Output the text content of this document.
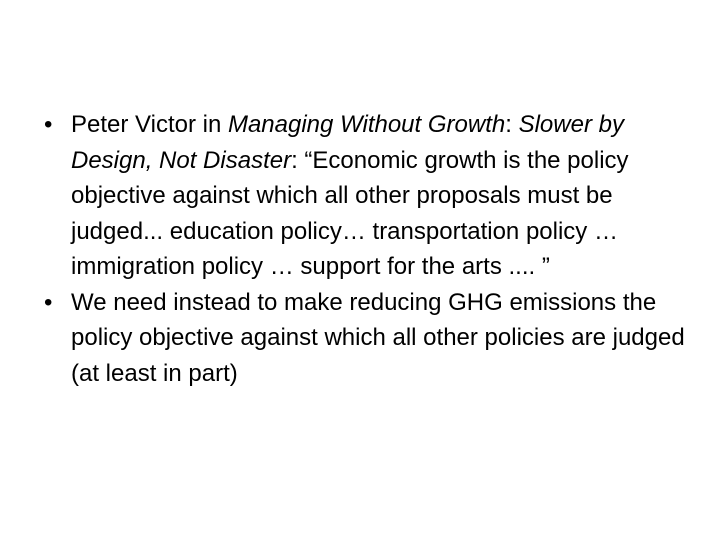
• Peter Victor in Managing Without Growth: Slower by Design, Not Disaster: “Economic growth is the policy objective against which all other proposals must be judged... education policy… transportation policy … immigration policy … support for the arts .... ”
• We need instead to make reducing GHG emissions the policy objective against which all other policies are judged (at least in part)
